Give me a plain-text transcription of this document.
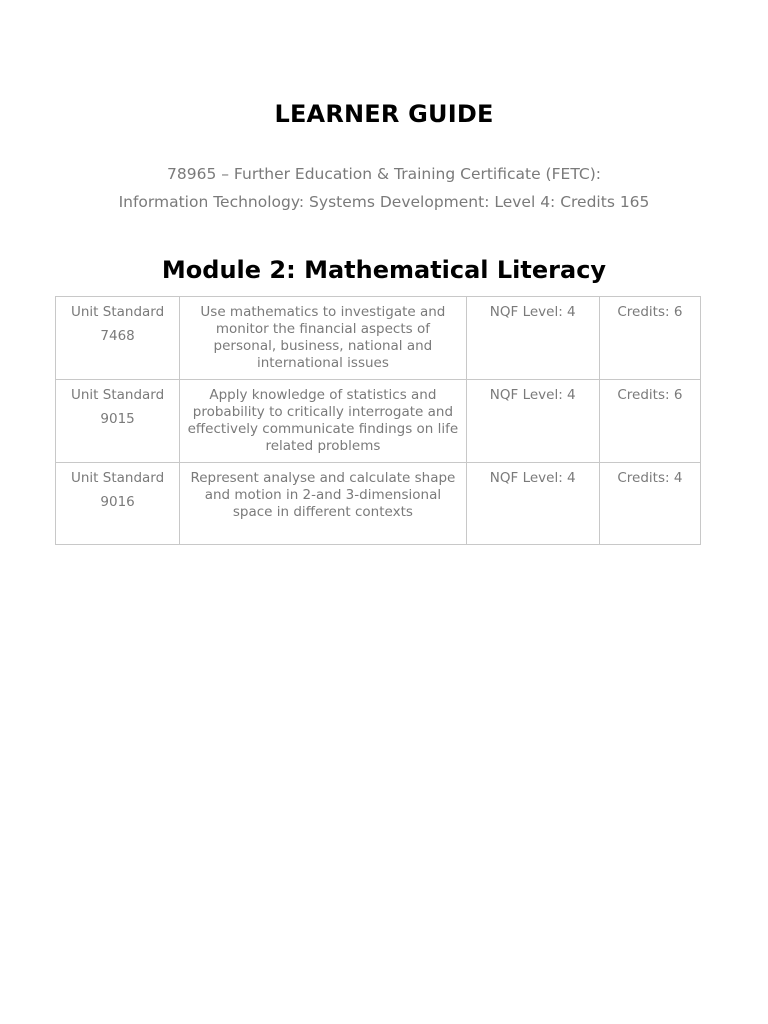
LEARNER GUIDE
78965 – Further Education & Training Certificate (FETC):
Information Technology: Systems Development: Level 4: Credits 165
Module 2: Mathematical Literacy
Unit Standard
7468	Use mathematics to investigate and monitor the financial aspects of personal, business, national and international issues	NQF Level: 4	Credits: 6

Unit Standard
9015	Apply knowledge of statistics and probability to critically interrogate and effectively communicate findings on life related problems	NQF Level: 4	Credits: 6

Unit Standard
9016	Represent analyse and calculate shape and motion in 2-and 3-dimensional space in different contexts	NQF Level: 4	Credits: 4
